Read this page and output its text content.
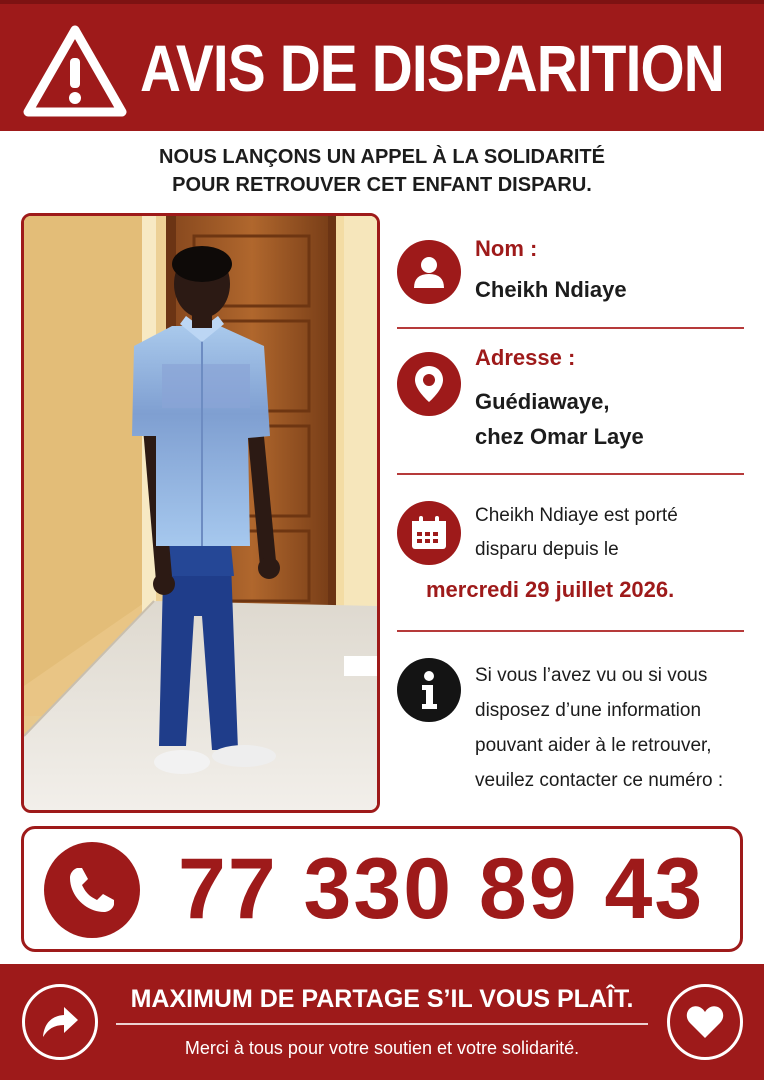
AVIS DE DISPARITION
NOUS LANÇONS UN APPEL À LA SOLIDARITÉ
POUR RETROUVER CET ENFANT DISPARU.
Nom :
Cheikh Ndiaye
Adresse :
Guédiawaye,
chez Omar Laye
Cheikh Ndiaye est porté
disparu depuis le
mercredi 29 juillet 2026.
Si vous l’avez vu ou si vous
disposez d’une information
pouvant aider à le retrouver,
veuilez contacter ce numéro :
77 330 89 43
MAXIMUM DE PARTAGE S’IL VOUS PLAÎT.
Merci à tous pour votre soutien et votre solidarité.
